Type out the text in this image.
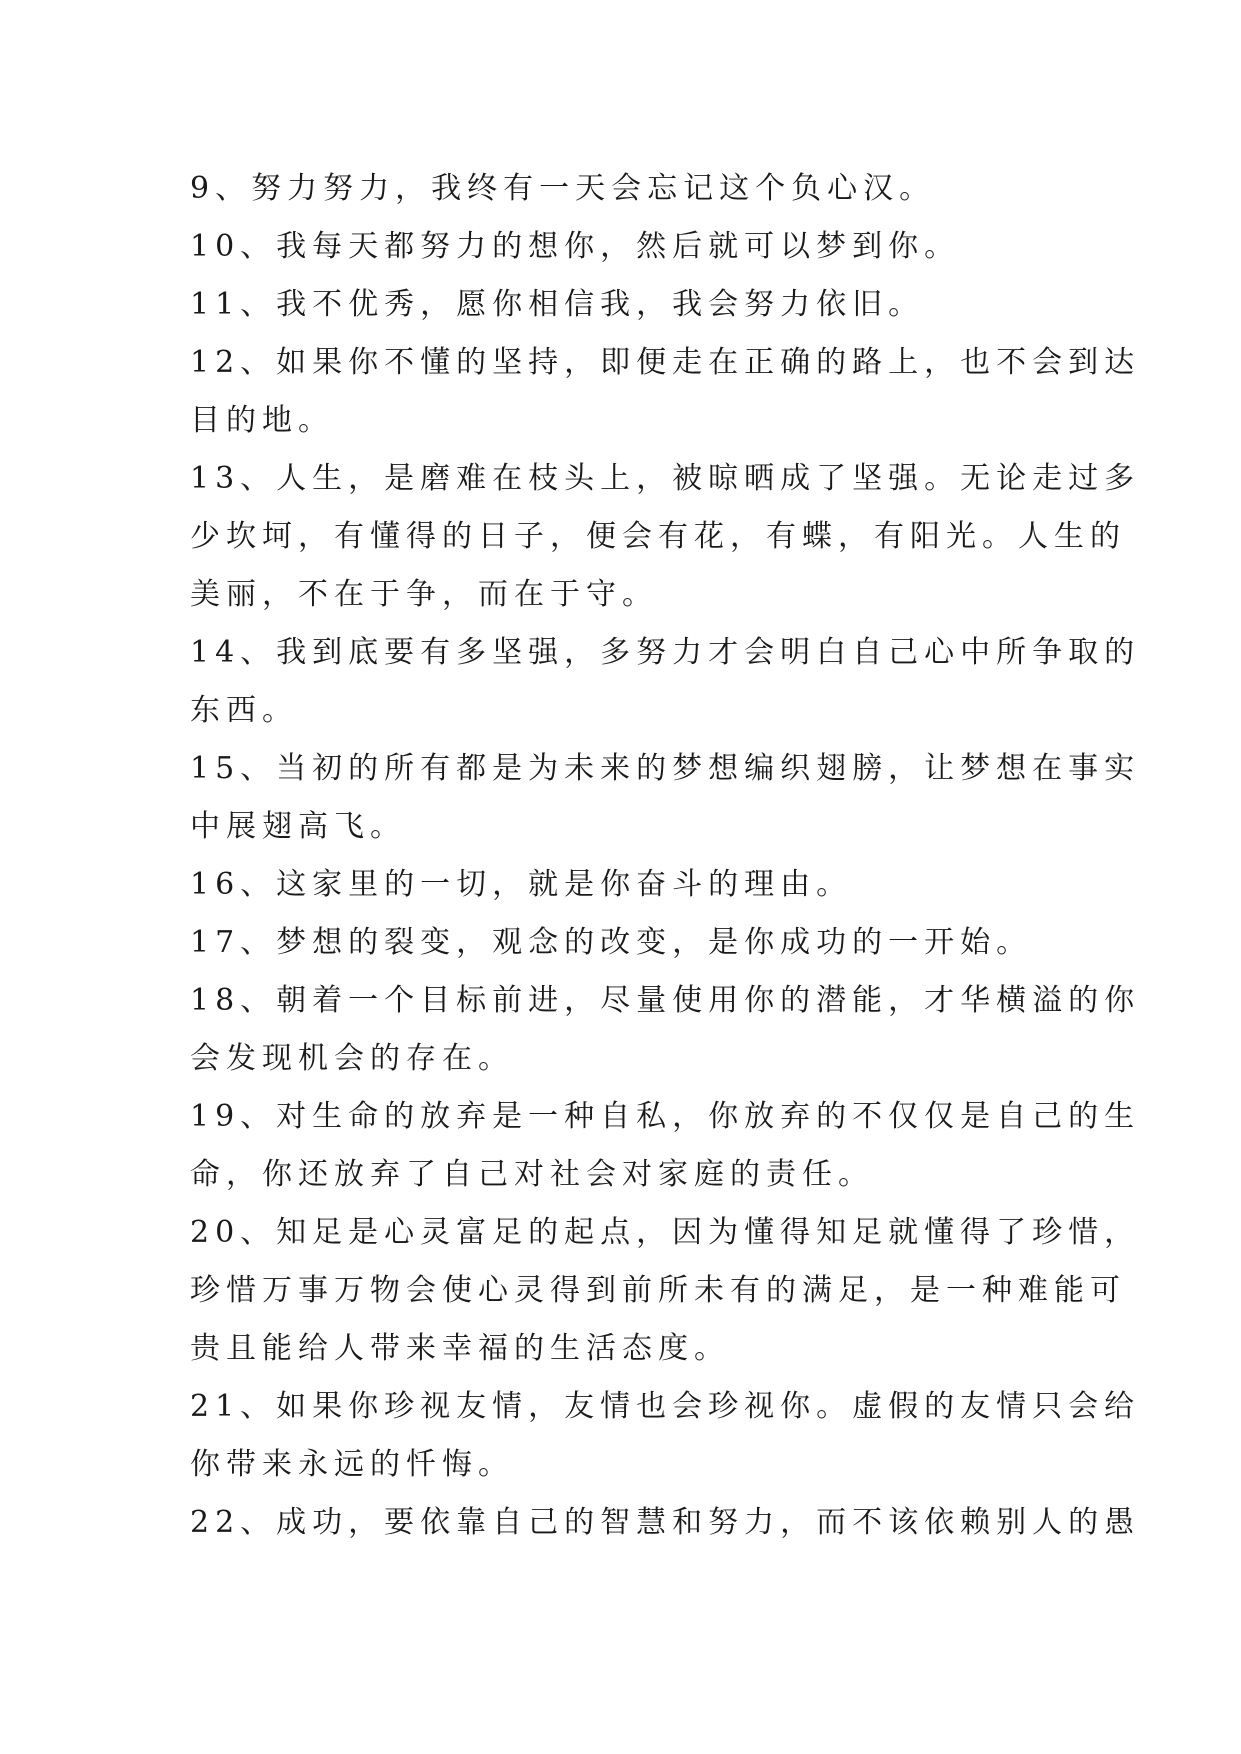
9、努力努力，我终有一天会忘记这个负心汉。
10、我每天都努力的想你，然后就可以梦到你。
11、我不优秀，愿你相信我，我会努力依旧。
12、如果你不懂的坚持，即便走在正确的路上，也不会到达
目的地。
13、人生，是磨难在枝头上，被晾晒成了坚强。无论走过多
少坎坷，有懂得的日子，便会有花，有蝶，有阳光。人生的
美丽，不在于争，而在于守。
14、我到底要有多坚强，多努力才会明白自己心中所争取的
东西。
15、当初的所有都是为未来的梦想编织翅膀，让梦想在事实
中展翅高飞。
16、这家里的一切，就是你奋斗的理由。
17、梦想的裂变，观念的改变，是你成功的一开始。
18、朝着一个目标前进，尽量使用你的潜能，才华横溢的你
会发现机会的存在。
19、对生命的放弃是一种自私，你放弃的不仅仅是自己的生
命，你还放弃了自己对社会对家庭的责任。
20、知足是心灵富足的起点，因为懂得知足就懂得了珍惜，
珍惜万事万物会使心灵得到前所未有的满足，是一种难能可
贵且能给人带来幸福的生活态度。
21、如果你珍视友情，友情也会珍视你。虚假的友情只会给
你带来永远的忏悔。
22、成功，要依靠自己的智慧和努力，而不该依赖别人的愚
